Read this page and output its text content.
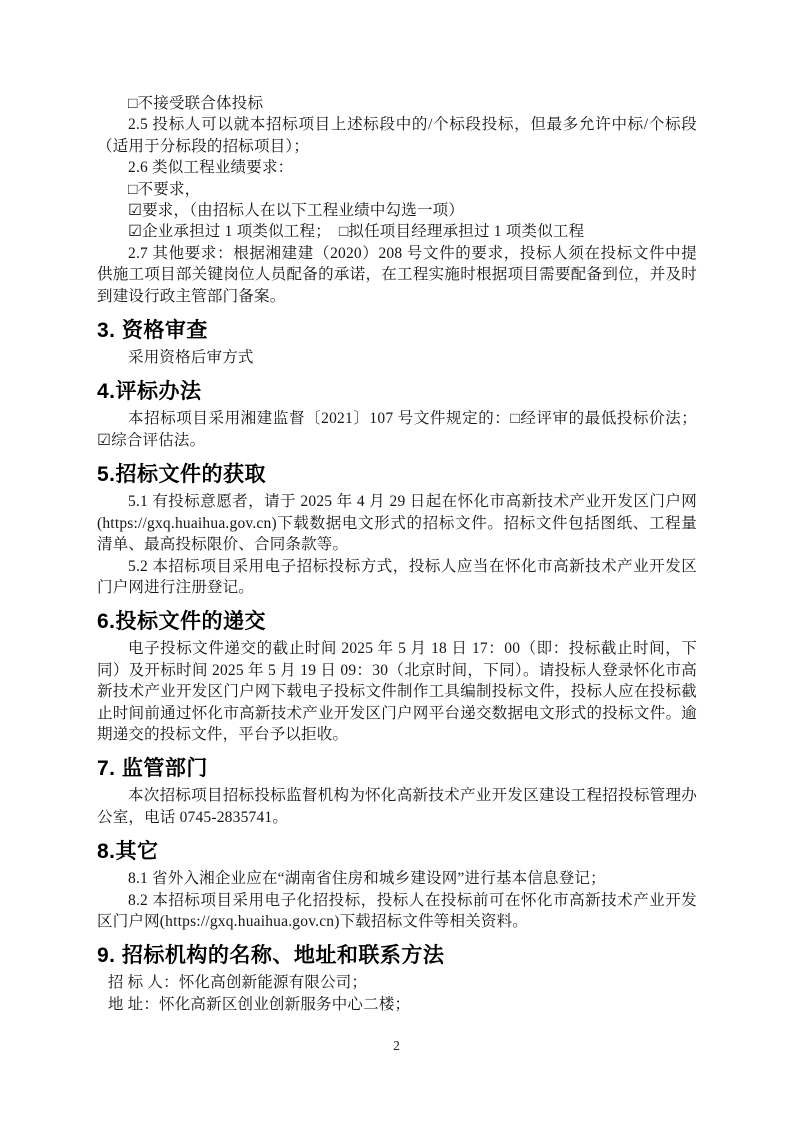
□不接受联合体投标

2.5 投标人可以就本招标项目上述标段中的/个标段投标，但最多允许中标/个标段（适用于分标段的招标项目）；

2.6 类似工程业绩要求：

□不要求，

☑要求，（由招标人在以下工程业绩中勾选一项）

☑企业承担过 1 项类似工程；　□拟任项目经理承担过 1 项类似工程

2.7 其他要求：根据湘建建（2020）208 号文件的要求，投标人须在投标文件中提供施工项目部关键岗位人员配备的承诺，在工程实施时根据项目需要配备到位，并及时到建设行政主管部门备案。

3. 资格审查

采用资格后审方式

4.评标办法

本招标项目采用湘建监督〔2021〕107 号文件规定的：□经评审的最低投标价法；☑综合评估法。

5.招标文件的获取

5.1 有投标意愿者，请于 2025 年 4 月 29 日起在怀化市高新技术产业开发区门户网(https://gxq.huaihua.gov.cn)下载数据电文形式的招标文件。招标文件包括图纸、工程量清单、最高投标限价、合同条款等。

5.2 本招标项目采用电子招标投标方式，投标人应当在怀化市高新技术产业开发区门户网进行注册登记。

6.投标文件的递交

电子投标文件递交的截止时间 2025 年 5 月 18 日 17：00（即：投标截止时间，下同）及开标时间 2025 年 5 月 19 日 09：30（北京时间，下同）。请投标人登录怀化市高新技术产业开发区门户网下载电子投标文件制作工具编制投标文件，投标人应在投标截止时间前通过怀化市高新技术产业开发区门户网平台递交数据电文形式的投标文件。逾期递交的投标文件，平台予以拒收。

7. 监管部门

本次招标项目招标投标监督机构为怀化高新技术产业开发区建设工程招投标管理办公室，电话 0745-2835741。

8.其它

8.1 省外入湘企业应在“湖南省住房和城乡建设网”进行基本信息登记；

8.2 本招标项目采用电子化招投标，投标人在投标前可在怀化市高新技术产业开发区门户网(https://gxq.huaihua.gov.cn)下载招标文件等相关资料。

9. 招标机构的名称、地址和联系方法

招 标 人：怀化高创新能源有限公司；

地 址：怀化高新区创业创新服务中心二楼；

2
